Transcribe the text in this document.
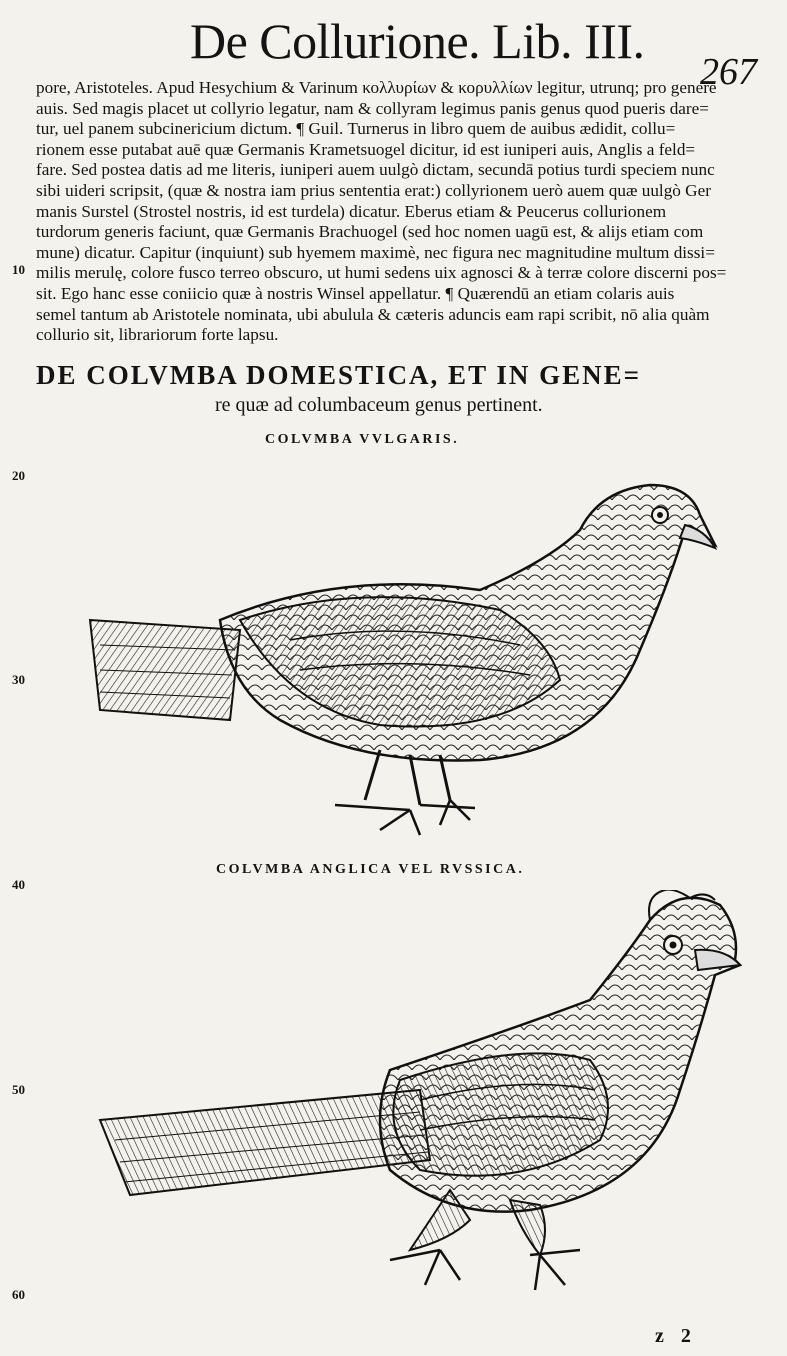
De Collurione. Lib. III.
267
pore, Aristoteles. Apud Hesychium & Varinum κολλυρίων & κορυλλίων legitur, utrunq; pro genere
auis. Sed magis placet ut collyrio legatur, nam & collyram legimus panis genus quod pueris dare=
tur, uel panem subcinericium dictum. ¶ Guil. Turnerus in libro quem de auibus ædidit, collu=
rionem esse putabat auē quæ Germanis Krametsuogel dicitur, id est iuniperi auis, Anglis a feld=
fare. Sed postea datis ad me literis, iuniperi auem uulgò dictam, secundā potius turdi speciem nunc
sibi uideri scripsit, (quæ & nostra iam prius sententia erat:) collyrionem uerò auem quæ uulgò Ger
manis Surstel (Strostel nostris, id est turdela) dicatur. Eberus etiam & Peucerus collurionem
turdorum generis faciunt, quæ Germanis Brachuogel (sed hoc nomen uagū est, & alijs etiam com
mune) dicatur. Capitur (inquiunt) sub hyemem maximè, nec figura nec magnitudine multum dissi=
milis merulę, colore fusco terreo obscuro, ut humi sedens uix agnosci & à terræ colore discerni pos=
sit. Ego hanc esse coniicio quæ à nostris Winsel appellatur. ¶ Quærendū an etiam colaris auis
semel tantum ab Aristotele nominata, ubi abulula & cæteris aduncis eam rapi scribit, nō alia quàm
collurio sit, librariorum forte lapsu.
10
20
30
40
50
60
DE COLVMBA DOMESTICA, ET IN GENE=
re quæ ad columbaceum genus pertinent.
COLVMBA VVLGARIS.
COLVMBA ANGLICA VEL RVSSICA.
z 2
